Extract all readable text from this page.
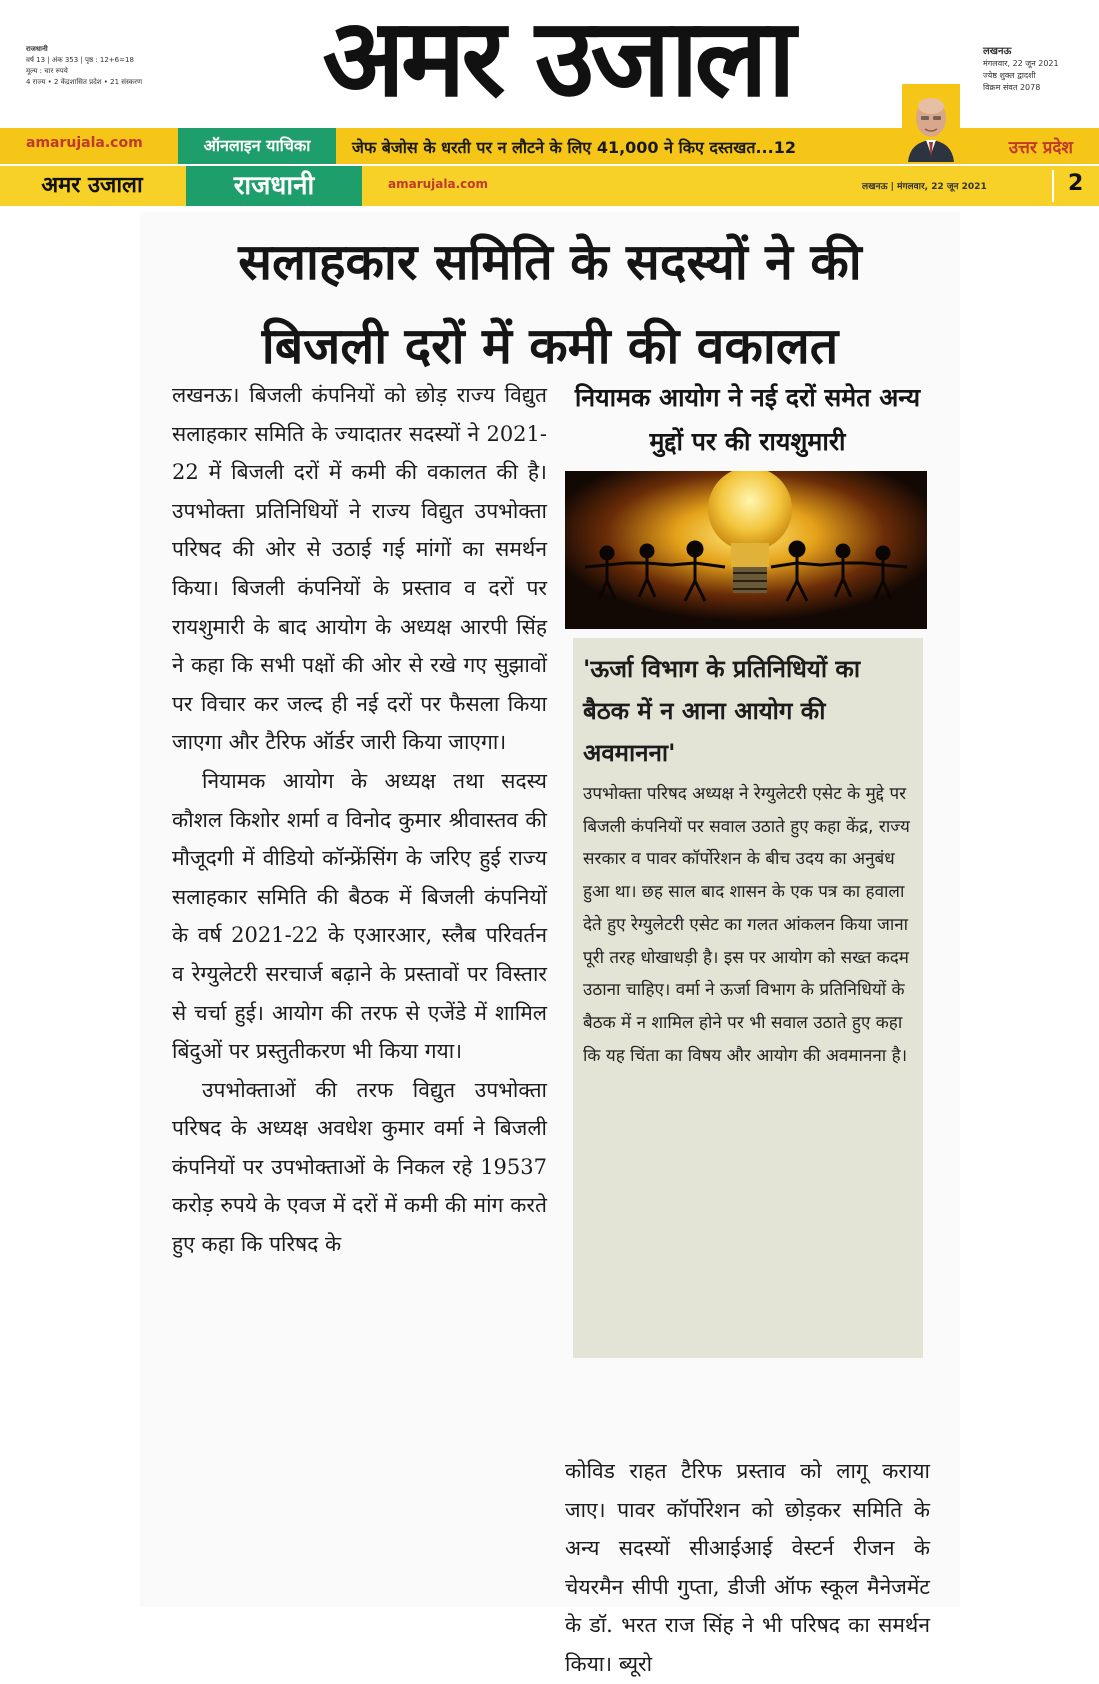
राजधानी
वर्ष 13 | अंक 353 | पृष्ठ : 12+6=18
मूल्य : चार रुपये
4 राज्य • 2 केंद्रशासित प्रदेश • 21 संस्करण	अमर उजाला	लखनऊ
मंगलवार, 22 जून 2021
ज्येष्ठ शुक्ल द्वादशी
विक्रम संवत 2078
amarujala.com	ऑनलाइन याचिका	जेफ बेजोस के धरती पर न लौटने के लिए 41,000 ने किए दस्तखत...12	उत्तर प्रदेश
अमर उजाला	राजधानी	amarujala.com	लखनऊ | मंगलवार, 22 जून 2021	2
सलाहकार समिति के सदस्यों ने की
बिजली दरों में कमी की वकालत

लखनऊ। बिजली कंपनियों को छोड़ राज्य विद्युत सलाहकार समिति के ज्यादातर सदस्यों ने 2021-22 में बिजली दरों में कमी की वकालत की है। उपभोक्ता प्रतिनिधियों ने राज्य विद्युत उपभोक्ता परिषद की ओर से उठाई गई मांगों का समर्थन किया। बिजली कंपनियों के प्रस्ताव व दरों पर रायशुमारी के बाद आयोग के अध्यक्ष आरपी सिंह ने कहा कि सभी पक्षों की ओर से रखे गए सुझावों पर विचार कर जल्द ही नई दरों पर फैसला किया जाएगा और टैरिफ ऑर्डर जारी किया जाएगा।

नियामक आयोग के अध्यक्ष तथा सदस्य कौशल किशोर शर्मा व विनोद कुमार श्रीवास्तव की मौजूदगी में वीडियो कॉन्फ्रेंसिंग के जरिए हुई राज्य सलाहकार समिति की बैठक में बिजली कंपनियों के वर्ष 2021-22 के एआरआर, स्लैब परिवर्तन व रेग्युलेटरी सरचार्ज बढ़ाने के प्रस्तावों पर विस्तार से चर्चा हुई। आयोग की तरफ से एजेंडे में शामिल बिंदुओं पर प्रस्तुतीकरण भी किया गया।

उपभोक्ताओं की तरफ विद्युत उपभोक्ता परिषद के अध्यक्ष अवधेश कुमार वर्मा ने बिजली कंपनियों पर उपभोक्ताओं के निकल रहे 19537 करोड़ रुपये के एवज में दरों में कमी की मांग करते हुए कहा कि परिषद के

नियामक आयोग ने नई दरों समेत अन्य मुद्दों पर की रायशुमारी

'ऊर्जा विभाग के प्रतिनिधियों का बैठक में न आना आयोग की अवमानना'

उपभोक्ता परिषद अध्यक्ष ने रेग्युलेटरी एसेट के मुद्दे पर बिजली कंपनियों पर सवाल उठाते हुए कहा केंद्र, राज्य सरकार व पावर कॉर्पोरेशन के बीच उदय का अनुबंध हुआ था। छह साल बाद शासन के एक पत्र का हवाला देते हुए रेग्युलेटरी एसेट का गलत आंकलन किया जाना पूरी तरह धोखाधड़ी है। इस पर आयोग को सख्त कदम उठाना चाहिए। वर्मा ने ऊर्जा विभाग के प्रतिनिधियों के बैठक में न शामिल होने पर भी सवाल उठाते हुए कहा कि यह चिंता का विषय और आयोग की अवमानना है।

कोविड राहत टैरिफ प्रस्ताव को लागू कराया जाए। पावर कॉर्पोरेशन को छोड़कर समिति के अन्य सदस्यों सीआईआई वेस्टर्न रीजन के चेयरमैन सीपी गुप्ता, डीजी ऑफ स्कूल मैनेजमेंट के डॉ. भरत राज सिंह ने भी परिषद का समर्थन किया। ब्यूरो
